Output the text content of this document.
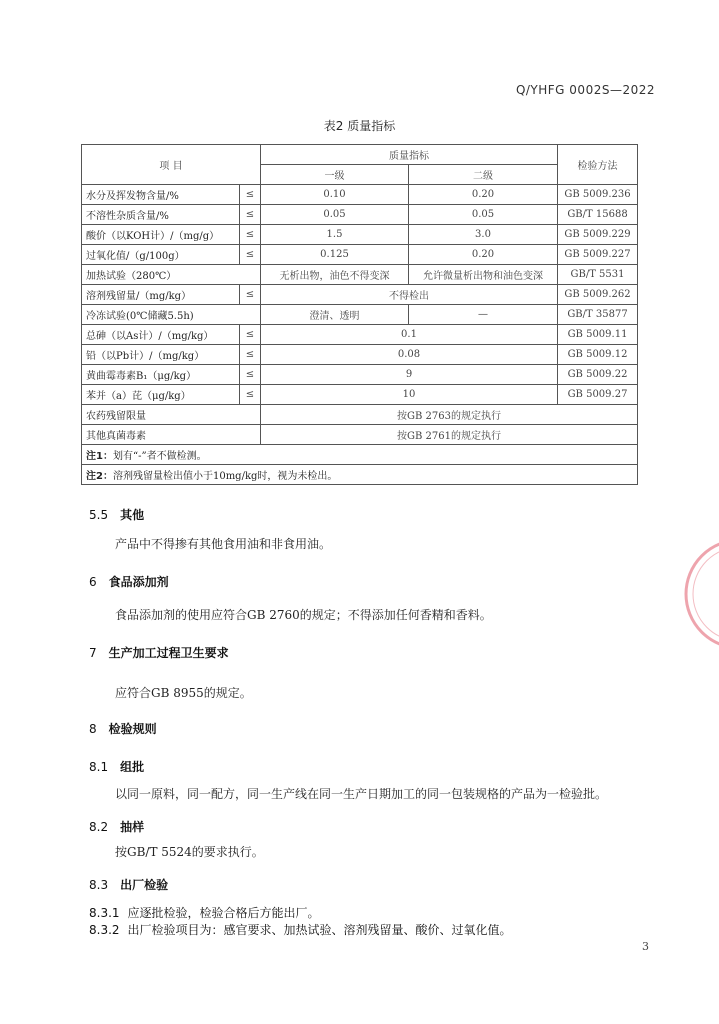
Q/YHFG 0002S—2022
表2 质量指标
项 目		质量指标		检验方法
		一级	二级	
水分及挥发物含量/%	≤	0.10	0.20	GB 5009.236
不溶性杂质含量/%	≤	0.05	0.05	GB/T 15688
酸价（以KOH计）/（mg/g）	≤	1.5	3.0	GB 5009.229
过氧化值/（g/100g）	≤	0.125	0.20	GB 5009.227
加热试验（280℃）		无析出物，油色不得变深	允许微量析出物和油色变深	GB/T 5531
溶剂残留量/（mg/kg）	≤	不得检出		GB 5009.262
冷冻试验(0℃储藏5.5h)		澄清、透明	—	GB/T 35877
总砷（以As计）/（mg/kg）	≤	0.1		GB 5009.11
铅（以Pb计）/（mg/kg）	≤	0.08		GB 5009.12
黄曲霉毒素B₁（μg/kg）	≤	9		GB 5009.22
苯并（a）芘（μg/kg）	≤	10		GB 5009.27
农药残留限量		按GB 2763的规定执行		
其他真菌毒素		按GB 2761的规定执行		
注1：划有“-”者不做检测。				
注2：溶剂残留量检出值小于10mg/kg时，视为未检出。				
5.5 其他
产品中不得掺有其他食用油和非食用油。
6 食品添加剂
食品添加剂的使用应符合GB 2760的规定；不得添加任何香精和香料。
7 生产加工过程卫生要求
应符合GB 8955的规定。
8 检验规则
8.1 组批
以同一原料，同一配方，同一生产线在同一生产日期加工的同一包装规格的产品为一检验批。
8.2 抽样
按GB/T 5524的要求执行。
8.3 出厂检验
8.3.1 应逐批检验，检验合格后方能出厂。
8.3.2 出厂检验项目为：感官要求、加热试验、溶剂残留量、酸价、过氧化值。
3
